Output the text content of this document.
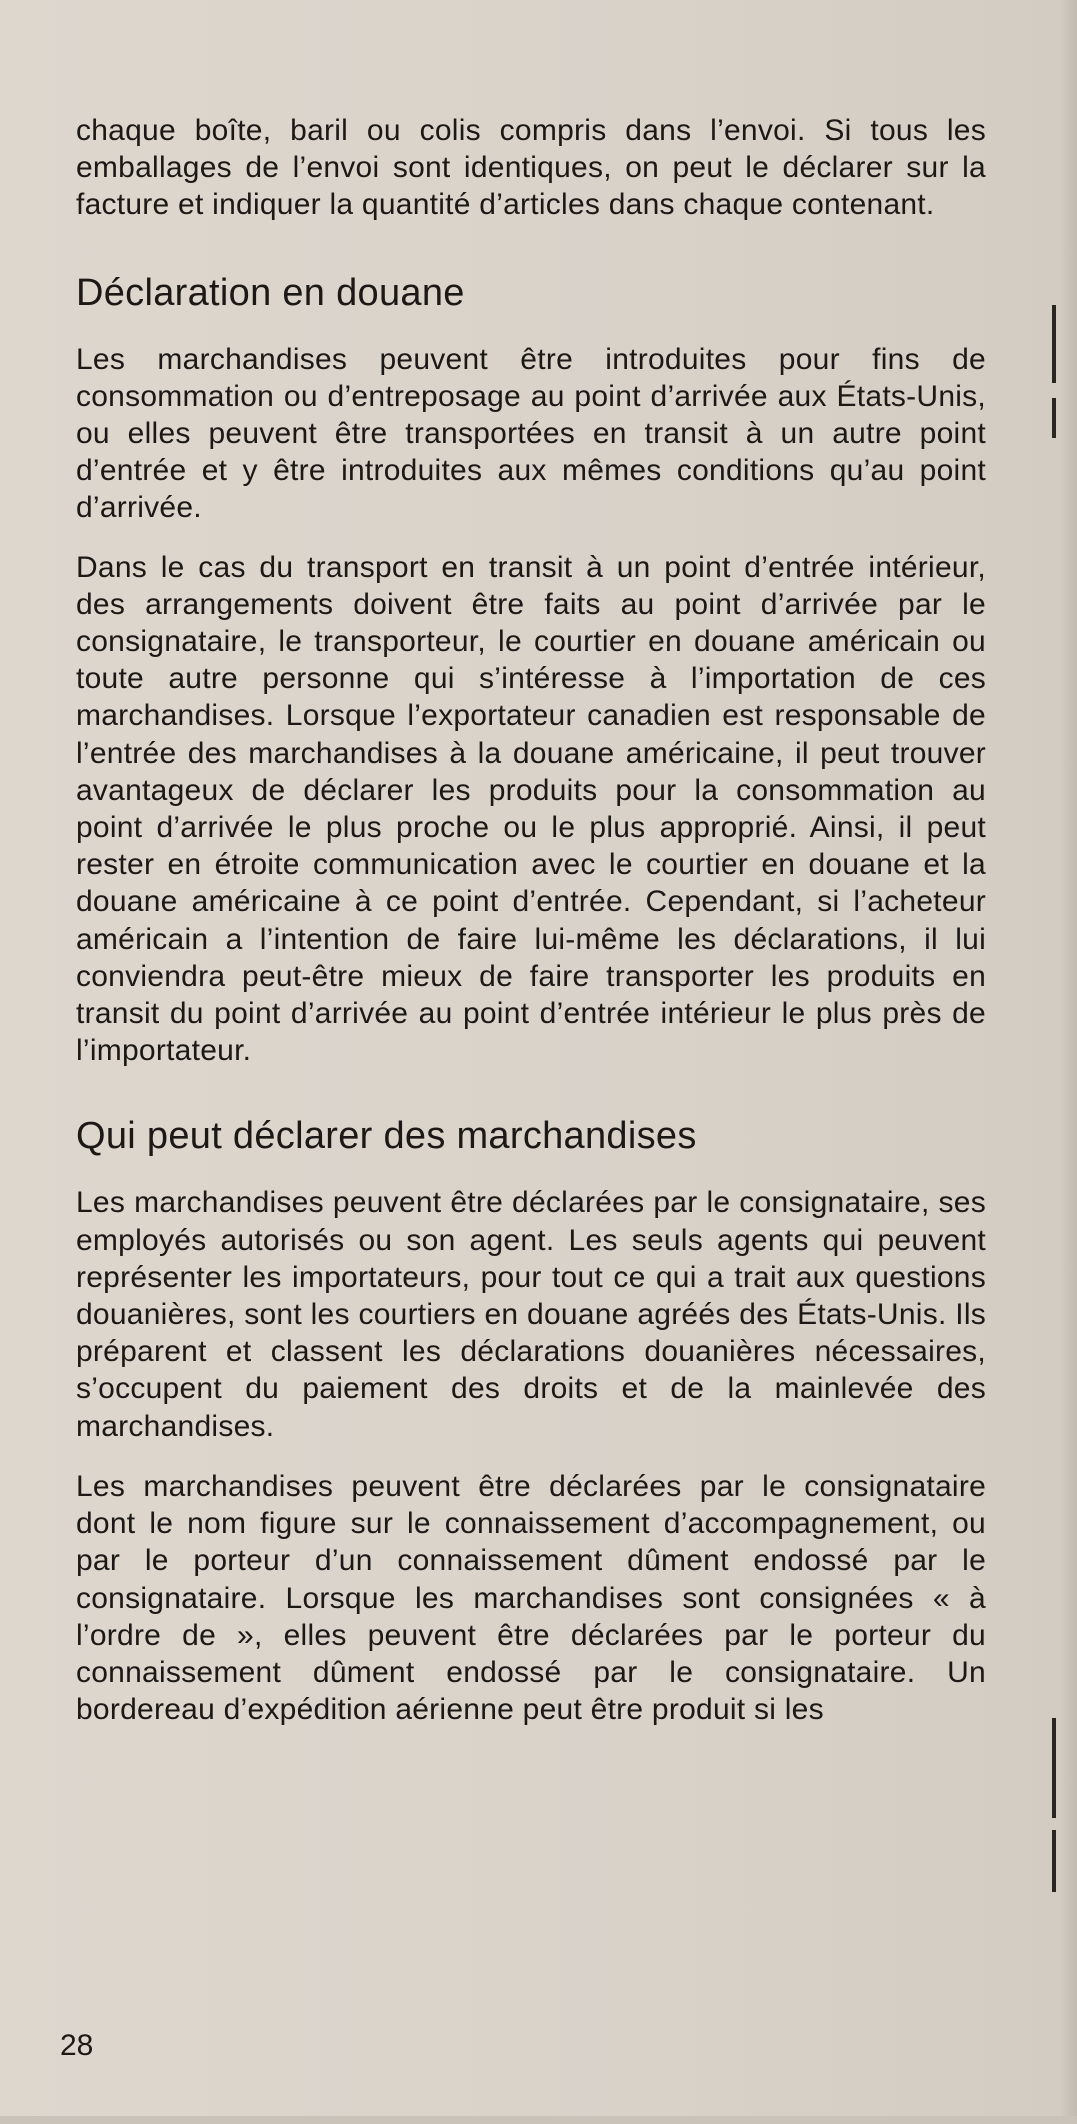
chaque boîte, baril ou colis compris dans l’envoi. Si tous les emballages de l’envoi sont identiques, on peut le déclarer sur la facture et indiquer la quantité d’articles dans chaque contenant.

Déclaration en douane

Les marchandises peuvent être introduites pour fins de consommation ou d’entreposage au point d’arrivée aux États-Unis, ou elles peuvent être transportées en transit à un autre point d’entrée et y être introduites aux mêmes conditions qu’au point d’arrivée.

Dans le cas du transport en transit à un point d’entrée intérieur, des arrangements doivent être faits au point d’arrivée par le consignataire, le transporteur, le courtier en douane américain ou toute autre personne qui s’intéresse à l’importation de ces marchandises. Lorsque l’exportateur canadien est responsable de l’entrée des marchandises à la douane américaine, il peut trouver avantageux de déclarer les produits pour la consommation au point d’arrivée le plus proche ou le plus approprié. Ainsi, il peut rester en étroite communication avec le courtier en douane et la douane américaine à ce point d’entrée. Cependant, si l’acheteur américain a l’intention de faire lui-même les déclarations, il lui conviendra peut-être mieux de faire transporter les produits en transit du point d’arrivée au point d’entrée intérieur le plus près de l’importateur.

Qui peut déclarer des marchandises

Les marchandises peuvent être déclarées par le consignataire, ses employés autorisés ou son agent. Les seuls agents qui peuvent représenter les importateurs, pour tout ce qui a trait aux questions douanières, sont les courtiers en douane agréés des États-Unis. Ils préparent et classent les déclarations douanières nécessaires, s’occupent du paiement des droits et de la mainlevée des marchandises.

Les marchandises peuvent être déclarées par le consignataire dont le nom figure sur le connaissement d’accompagnement, ou par le porteur d’un connaissement dûment endossé par le consignataire. Lorsque les marchandises sont consignées « à l’ordre de », elles peuvent être déclarées par le porteur du connaissement dûment endossé par le consignataire. Un bordereau d’expédition aérienne peut être produit si les

28
